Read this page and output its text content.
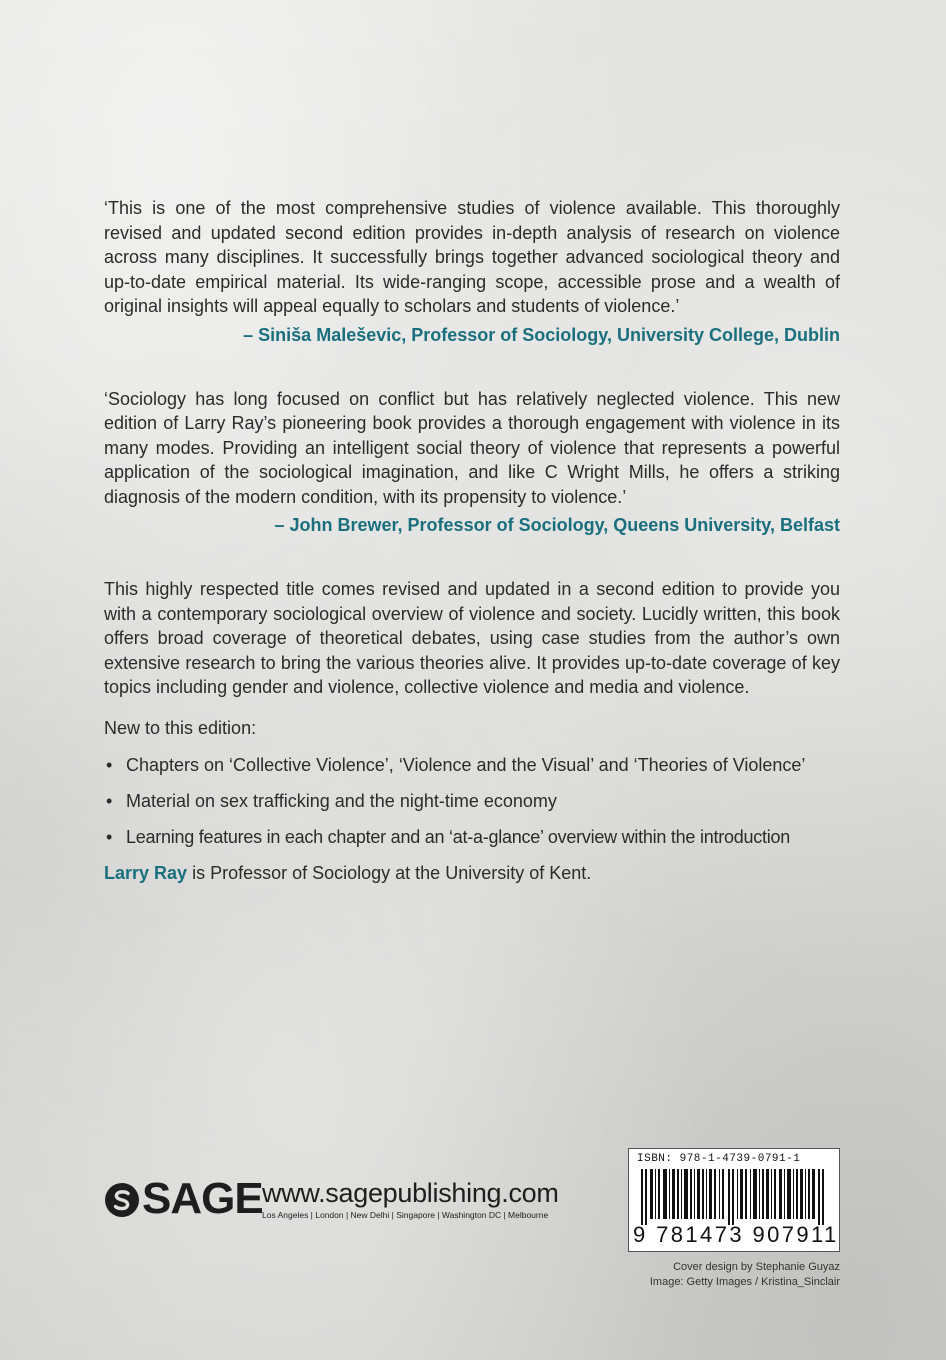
‘This is one of the most comprehensive studies of violence available. This thoroughly revised and updated second edition provides in-depth analysis of research on violence across many disciplines. It successfully brings together advanced sociological theory and up-to-date empirical material. Its wide-ranging scope, accessible prose and a wealth of original insights will appeal equally to scholars and students of violence.’

– Siniša Maleševic, Professor of Sociology, University College, Dublin

‘Sociology has long focused on conflict but has relatively neglected violence. This new edition of Larry Ray’s pioneering book provides a thorough engagement with violence in its many modes. Providing an intelligent social theory of violence that represents a powerful application of the sociological imagination, and like C Wright Mills, he offers a striking diagnosis of the modern condition, with its propensity to violence.’

– John Brewer, Professor of Sociology, Queens University, Belfast

This highly respected title comes revised and updated in a second edition to provide you with a contemporary sociological overview of violence and society. Lucidly written, this book offers broad coverage of theoretical debates, using case studies from the author’s own extensive research to bring the various theories alive. It provides up-to-date coverage of key topics including gender and violence, collective violence and media and violence.

New to this edition:

• Chapters on ‘Collective Violence’, ‘Violence and the Visual’ and ‘Theories of Violence’
• Material on sex trafficking and the night-time economy
• Learning features in each chapter and an ‘at-a-glance’ overview within the introduction

Larry Ray is Professor of Sociology at the University of Kent.

SAGE www.sagepublishing.com
Los Angeles | London | New Delhi | Singapore | Washington DC | Melbourne
ISBN: 978-1-4739-0791-1
9 781473 907911
Cover design by Stephanie Guyaz
Image: Getty Images / Kristina_Sinclair
